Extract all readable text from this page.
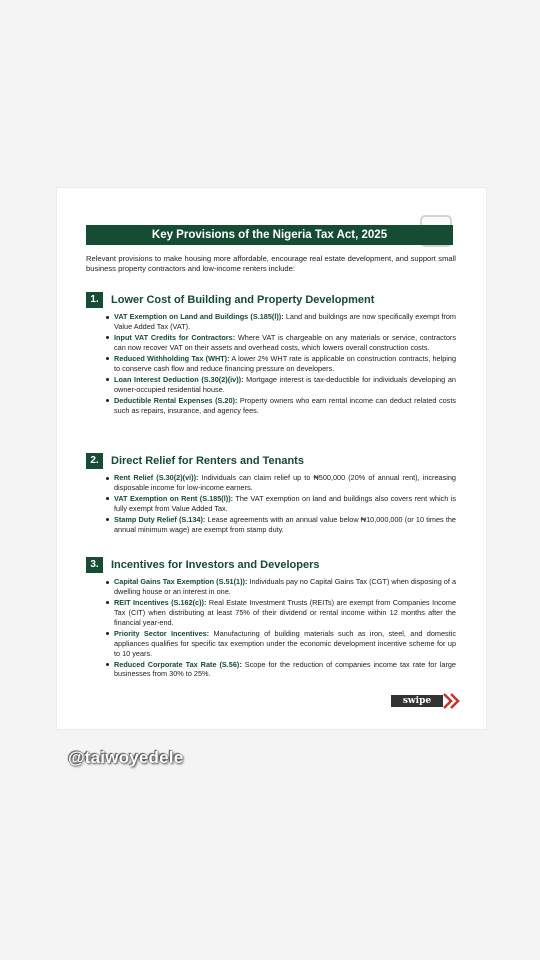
Key Provisions of the Nigeria Tax Act, 2025
Relevant provisions to make housing more affordable, encourage real estate development, and support small business property contractors and low-income renters include:
1.	Lower Cost of Building and Property Development
VAT Exemption on Land and Buildings (S.185(l)): Land and buildings are now specifically exempt from Value Added Tax (VAT).
Input VAT Credits for Contractors: Where VAT is chargeable on any materials or service, contractors can now recover VAT on their assets and overhead costs, which lowers overall construction costs.
Reduced Withholding Tax (WHT): A lower 2% WHT rate is applicable on construction contracts, helping to conserve cash flow and reduce financing pressure on developers.
Loan Interest Deduction (S.30(2)(iv)): Mortgage interest is tax-deductible for individuals developing an owner-occupied residential house.
Deductible Rental Expenses (S.20): Property owners who earn rental income can deduct related costs such as repairs, insurance, and agency fees.
2.	Direct Relief for Renters and Tenants
Rent Relief (S.30(2)(vi)): Individuals can claim relief up to ₦500,000 (20% of annual rent), increasing disposable income for low-income earners.
VAT Exemption on Rent (S.185(l)): The VAT exemption on land and buildings also covers rent which is fully exempt from Value Added Tax.
Stamp Duty Relief (S.134): Lease agreements with an annual value below ₦10,000,000 (or 10 times the annual minimum wage) are exempt from stamp duty.
3.	Incentives for Investors and Developers
Capital Gains Tax Exemption (S.51(1)): Individuals pay no Capital Gains Tax (CGT) when disposing of a dwelling house or an interest in one.
REIT Incentives (S.162(c)): Real Estate Investment Trusts (REITs) are exempt from Companies Income Tax (CIT) when distributing at least 75% of their dividend or rental income within 12 months after the financial year-end.
Priority Sector Incentives: Manufacturing of building materials such as iron, steel, and domestic appliances qualifies for specific tax exemption under the economic development incentive scheme for up to 10 years.
Reduced Corporate Tax Rate (S.56): Scope for the reduction of companies income tax rate for large businesses from 30% to 25%.
swipe
@taiwoyedele
